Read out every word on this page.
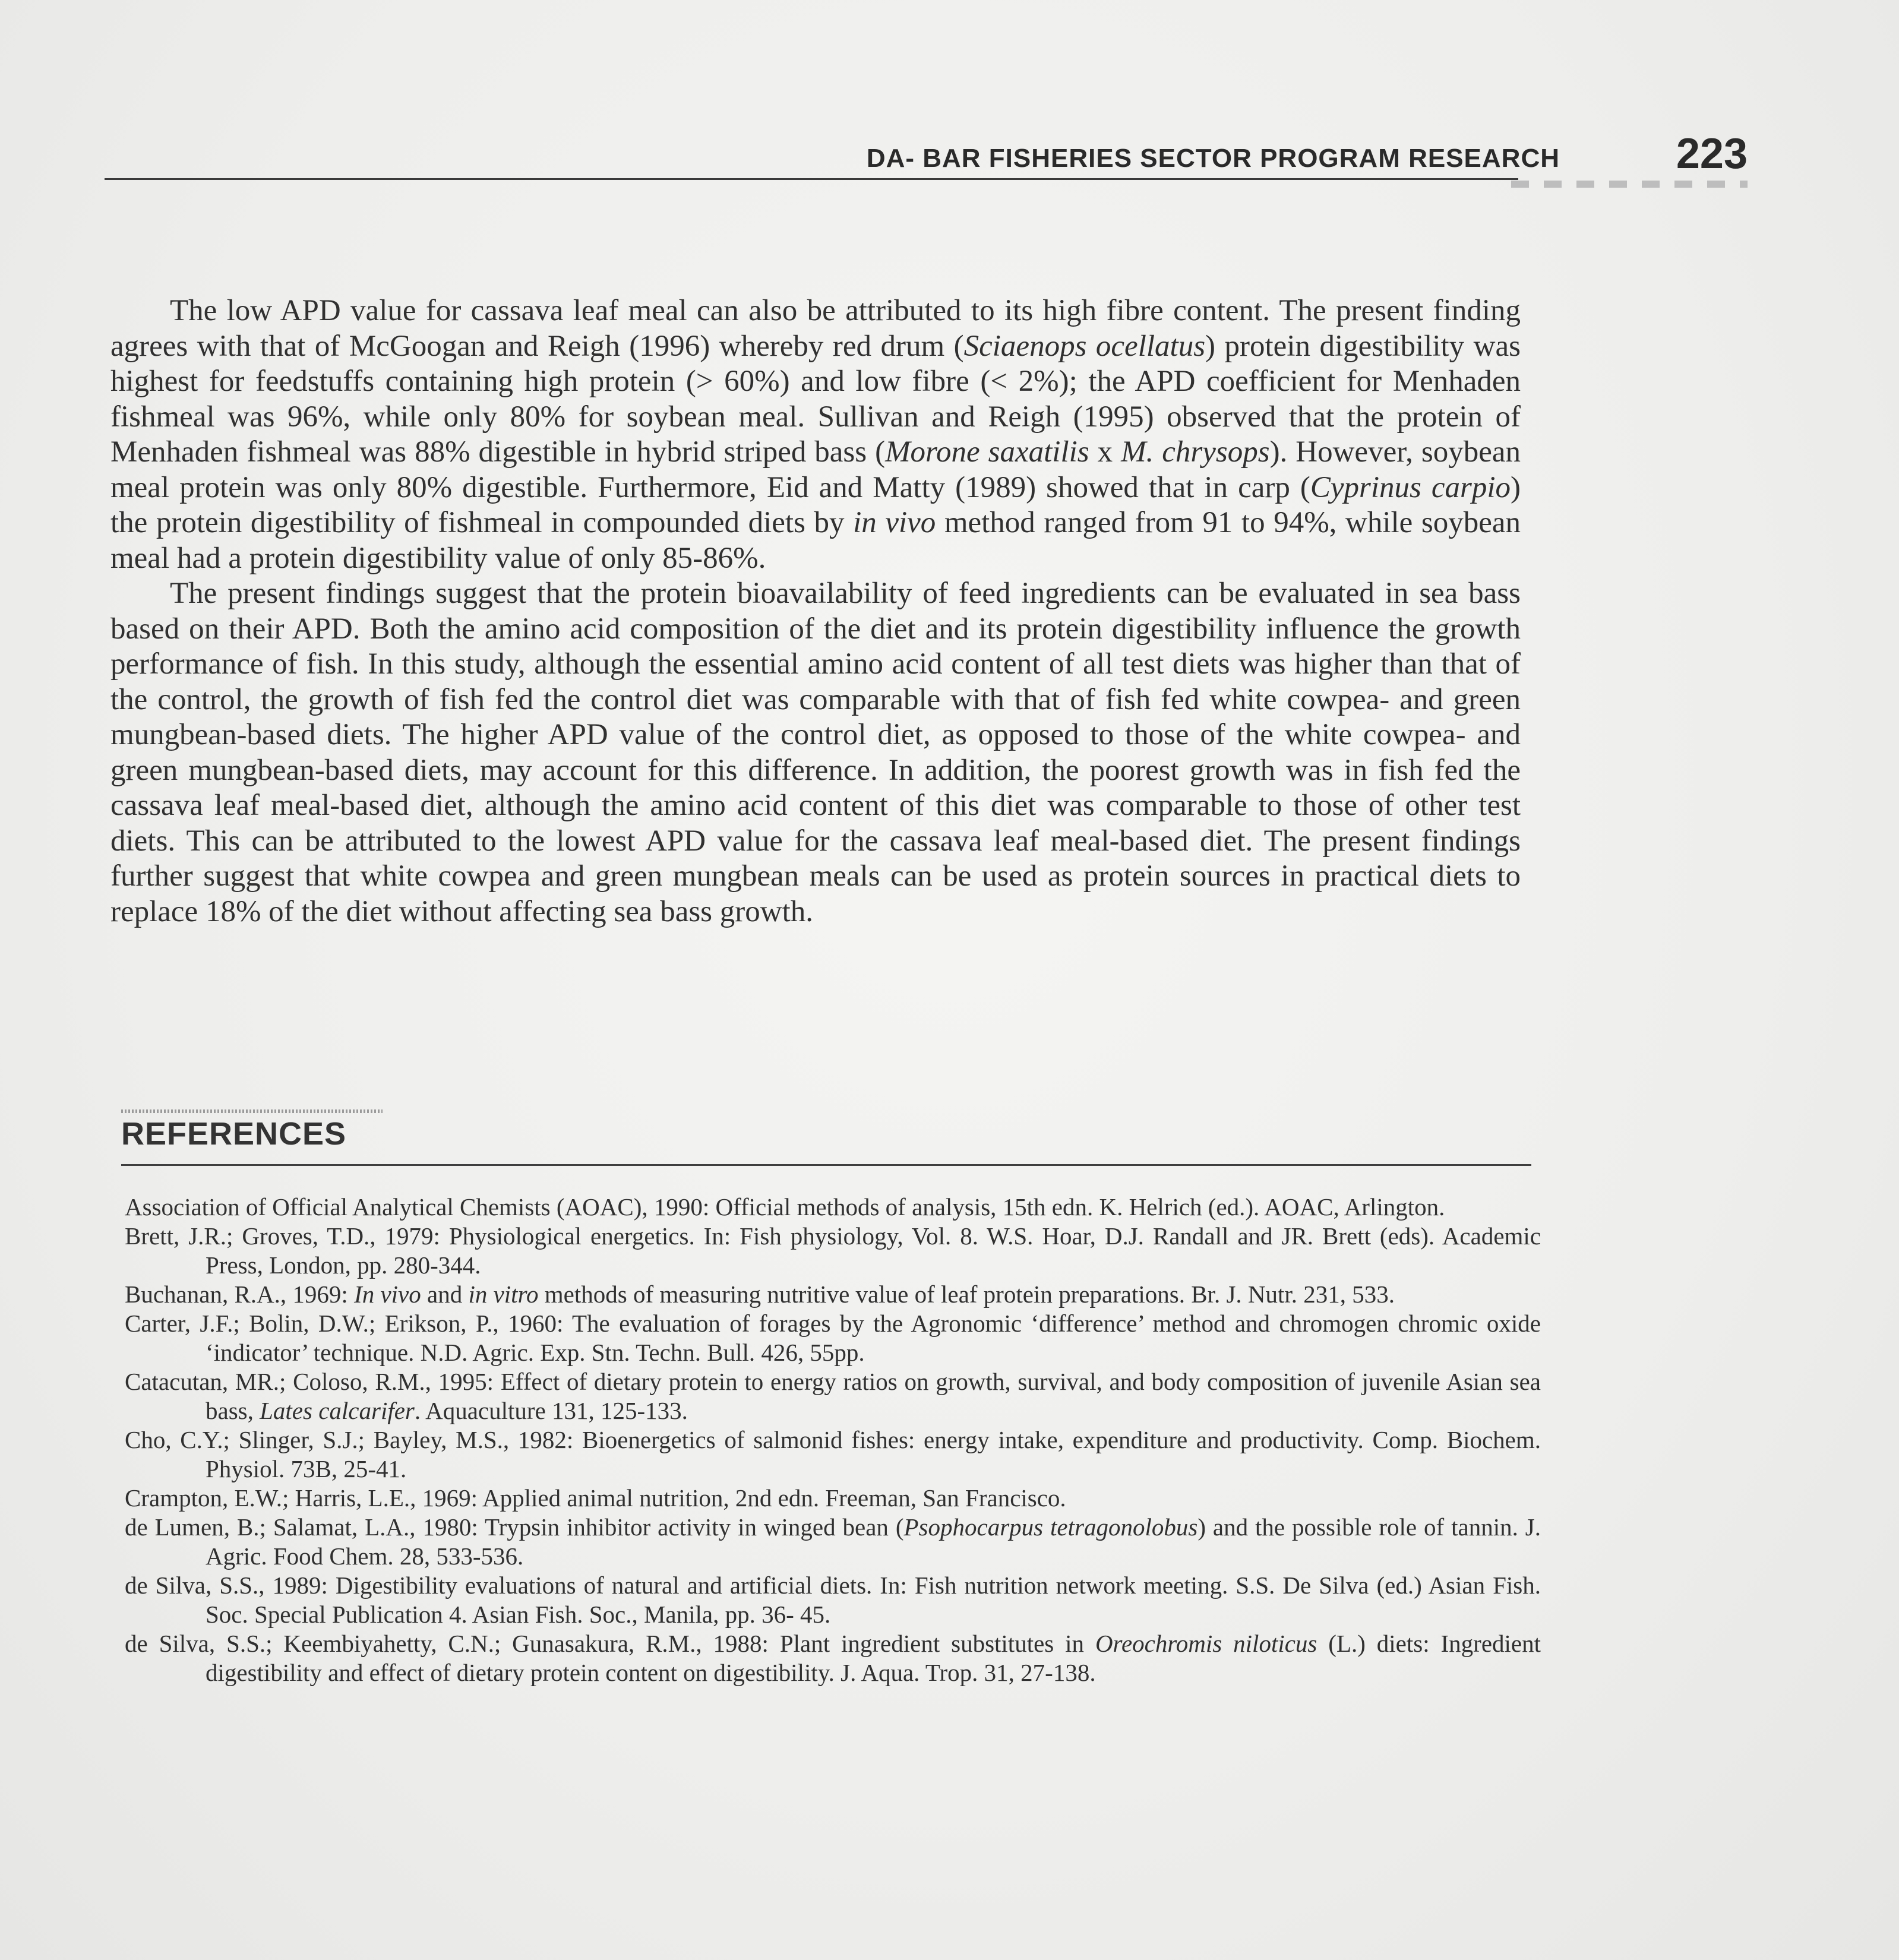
DA- BAR FISHERIES SECTOR PROGRAM RESEARCH	223

The low APD value for cassava leaf meal can also be attributed to its high fibre content. The present finding agrees with that of McGoogan and Reigh (1996) whereby red drum (Sciaenops ocellatus) protein digestibility was highest for feedstuffs containing high protein (> 60%) and low fibre (< 2%); the APD coefficient for Menhaden fishmeal was 96%, while only 80% for soybean meal. Sullivan and Reigh (1995) observed that the protein of Menhaden fishmeal was 88% digestible in hybrid striped bass (Morone saxatilis x M. chrysops). However, soybean meal protein was only 80% digestible. Furthermore, Eid and Matty (1989) showed that in carp (Cyprinus carpio) the protein digestibility of fishmeal in compounded diets by in vivo method ranged from 91 to 94%, while soybean meal had a protein digestibility value of only 85-86%.

The present findings suggest that the protein bioavailability of feed ingredients can be evaluated in sea bass based on their APD. Both the amino acid composition of the diet and its protein digestibility influence the growth performance of fish. In this study, although the essential amino acid content of all test diets was higher than that of the control, the growth of fish fed the control diet was comparable with that of fish fed white cowpea- and green mungbean-based diets. The higher APD value of the control diet, as opposed to those of the white cowpea- and green mungbean-based diets, may account for this difference. In addition, the poorest growth was in fish fed the cassava leaf meal-based diet, although the amino acid content of this diet was comparable to those of other test diets. This can be attributed to the lowest APD value for the cassava leaf meal-based diet. The present findings further suggest that white cowpea and green mungbean meals can be used as protein sources in practical diets to replace 18% of the diet without affecting sea bass growth.

REFERENCES

Association of Official Analytical Chemists (AOAC), 1990: Official methods of analysis, 15th edn. K. Helrich (ed.). AOAC, Arlington.

Brett, J.R.; Groves, T.D., 1979: Physiological energetics. In: Fish physiology, Vol. 8. W.S. Hoar, D.J. Randall and JR. Brett (eds). Academic Press, London, pp. 280-344.

Buchanan, R.A., 1969: In vivo and in vitro methods of measuring nutritive value of leaf protein preparations. Br. J. Nutr. 231, 533.

Carter, J.F.; Bolin, D.W.; Erikson, P., 1960: The evaluation of forages by the Agronomic ‘difference’ method and chromogen chromic oxide ‘indicator’ technique. N.D. Agric. Exp. Stn. Techn. Bull. 426, 55pp.

Catacutan, MR.; Coloso, R.M., 1995: Effect of dietary protein to energy ratios on growth, survival, and body composition of juvenile Asian sea bass, Lates calcarifer. Aquaculture 131, 125-133.

Cho, C.Y.; Slinger, S.J.; Bayley, M.S., 1982: Bioenergetics of salmonid fishes: energy intake, expenditure and productivity. Comp. Biochem. Physiol. 73B, 25-41.

Crampton, E.W.; Harris, L.E., 1969: Applied animal nutrition, 2nd edn. Freeman, San Francisco.

de Lumen, B.; Salamat, L.A., 1980: Trypsin inhibitor activity in winged bean (Psophocarpus tetragonolobus) and the possible role of tannin. J. Agric. Food Chem. 28, 533-536.

de Silva, S.S., 1989: Digestibility evaluations of natural and artificial diets. In: Fish nutrition network meeting. S.S. De Silva (ed.) Asian Fish. Soc. Special Publication 4. Asian Fish. Soc., Manila, pp. 36- 45.

de Silva, S.S.; Keembiyahetty, C.N.; Gunasakura, R.M., 1988: Plant ingredient substitutes in Oreochromis niloticus (L.) diets: Ingredient digestibility and effect of dietary protein content on digestibility. J. Aqua. Trop. 31, 27-138.
